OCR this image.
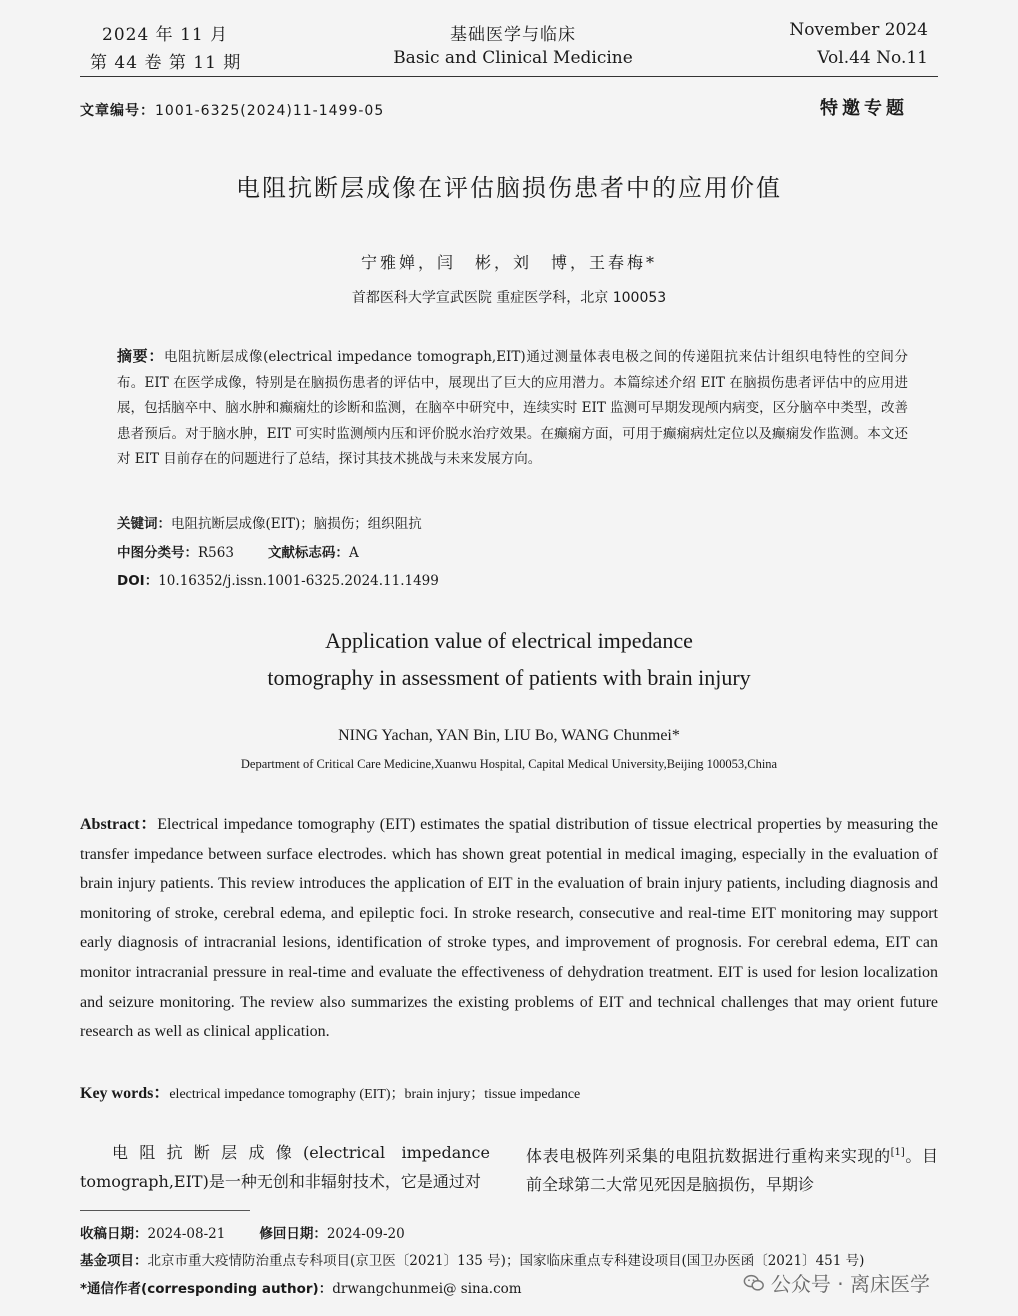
2024 年 11 月
第 44 卷 第 11 期
基础医学与临床
Basic and Clinical Medicine
November 2024
Vol.44 No.11
文章编号：1001-6325(2024)11-1499-05	特邀专题
电阻抗断层成像在评估脑损伤患者中的应用价值
宁雅婵，闫　彬，刘　博，王春梅*
首都医科大学宣武医院 重症医学科，北京 100053
摘要：电阻抗断层成像(electrical impedance tomograph,EIT)通过测量体表电极之间的传递阻抗来估计组织电特性的空间分布。EIT 在医学成像，特别是在脑损伤患者的评估中，展现出了巨大的应用潜力。本篇综述介绍 EIT 在脑损伤患者评估中的应用进展，包括脑卒中、脑水肿和癫痫灶的诊断和监测，在脑卒中研究中，连续实时 EIT 监测可早期发现颅内病变，区分脑卒中类型，改善患者预后。对于脑水肿，EIT 可实时监测颅内压和评价脱水治疗效果。在癫痫方面，可用于癫痫病灶定位以及癫痫发作监测。本文还对 EIT 目前存在的问题进行了总结，探讨其技术挑战与未来发展方向。
关键词：电阻抗断层成像(EIT)；脑损伤；组织阻抗
中图分类号：R563	文献标志码：A
DOI：10.16352/j.issn.1001-6325.2024.11.1499
Application value of electrical impedance
tomography in assessment of patients with brain injury
NING Yachan, YAN Bin, LIU Bo, WANG Chunmei*
Department of Critical Care Medicine,Xuanwu Hospital, Capital Medical University,Beijing 100053,China
Abstract：Electrical impedance tomography (EIT) estimates the spatial distribution of tissue electrical properties by measuring the transfer impedance between surface electrodes. which has shown great potential in medical imaging, especially in the evaluation of brain injury patients. This review introduces the application of EIT in the evaluation of brain injury patients, including diagnosis and monitoring of stroke, cerebral edema, and epileptic foci. In stroke research, consecutive and real-time EIT monitoring may support early diagnosis of intracranial lesions, identification of stroke types, and improvement of prognosis. For cerebral edema, EIT can monitor intracranial pressure in real-time and evaluate the effectiveness of dehydration treatment. EIT is used for lesion localization and seizure monitoring. The review also summarizes the existing problems of EIT and technical challenges that may orient future research as well as clinical application.
Key words：electrical impedance tomography (EIT)；brain injury；tissue impedance
电阻抗断层成像(electrical impedance tomograph,EIT)是一种无创和非辐射技术，它是通过对
体表电极阵列采集的电阻抗数据进行重构来实现的[1]。目前全球第二大常见死因是脑损伤，早期诊
收稿日期：2024-08-21	修回日期：2024-09-20
基金项目：北京市重大疫情防治重点专科项目(京卫医〔2021〕135 号)；国家临床重点专科建设项目(国卫办医函〔2021〕451 号)
*通信作者(corresponding author)：drwangchunmei@ sina.com	公众号 · 离床医学
